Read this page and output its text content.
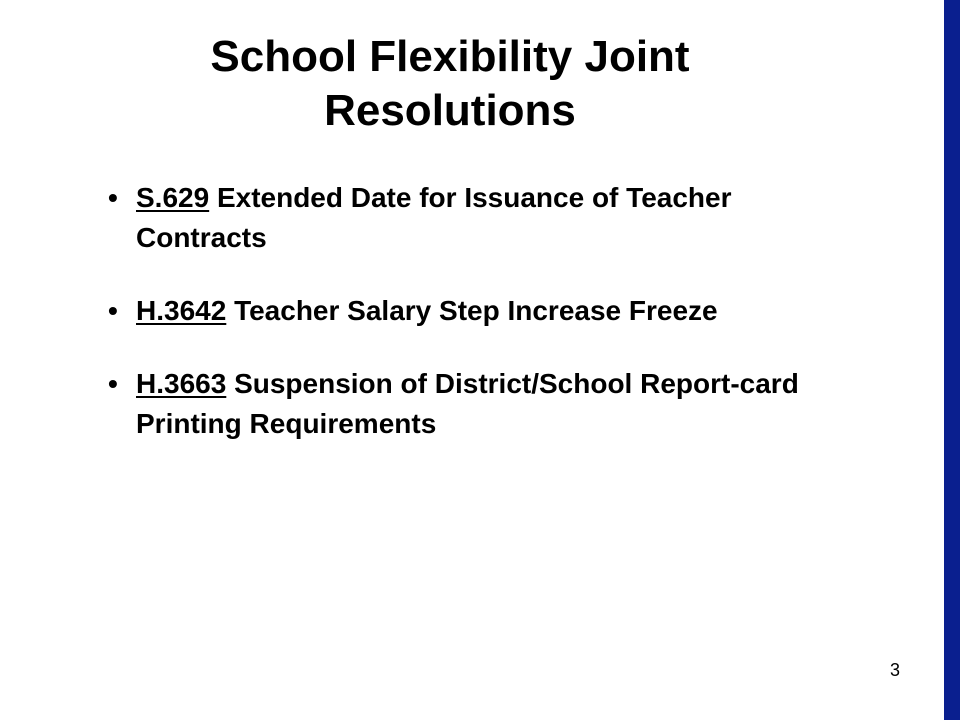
School Flexibility Joint
Resolutions
• S.629 Extended Date for Issuance of Teacher Contracts
• H.3642 Teacher Salary Step Increase Freeze
• H.3663 Suspension of District/School Report-card Printing Requirements
3
